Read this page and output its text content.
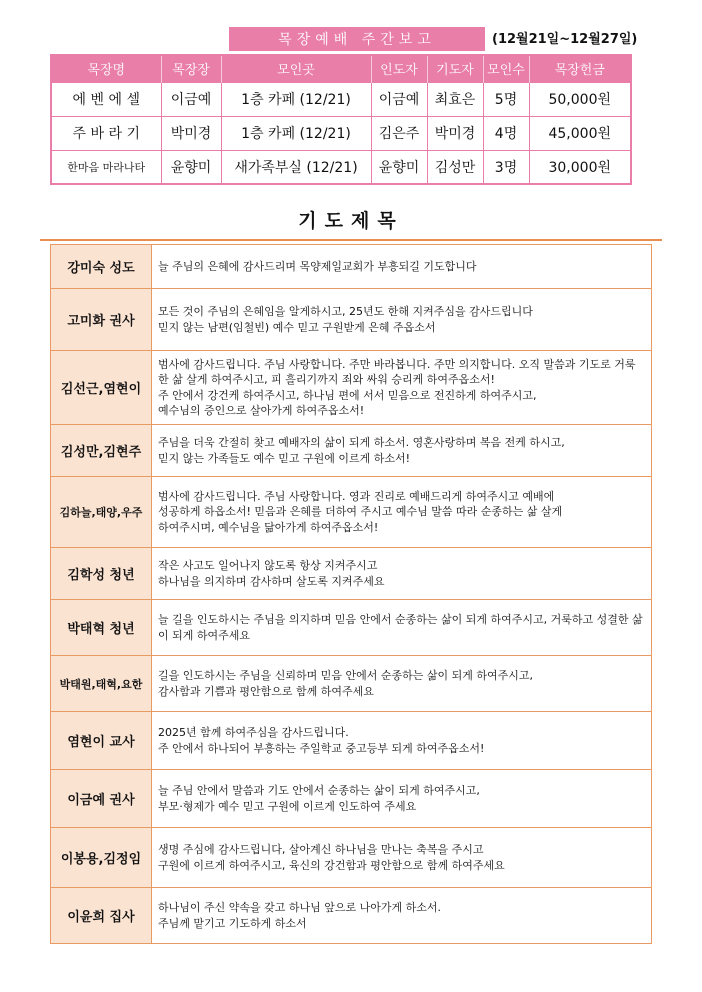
목장예배 주간보고	(12월21일~12월27일)
목장명	목장장	모인곳	인도자	기도자	모인수	목장헌금
에 벤 에 셀	이금예	1층 카페 (12/21)	이금예	최효은	5명	50,000원
주 바 라 기	박미경	1층 카페 (12/21)	김은주	박미경	4명	45,000원
한마음 마라나타	윤향미	새가족부실 (12/21)	윤향미	김성만	3명	30,000원
기도제목
강미숙 성도	늘 주님의 은혜에 감사드리며 목양제일교회가 부흥되길 기도합니다
고미화 권사	모든 것이 주님의 은혜임을 알게하시고, 25년도 한해 지켜주심을 감사드립니다
믿지 않는 남편(임철빈) 예수 믿고 구원받게 은혜 주옵소서
김선근,염현이	범사에 감사드립니다. 주님 사랑합니다. 주만 바라봅니다. 주만 의지합니다. 오직 말씀과 기도로 거룩한 삶 살게 하여주시고, 피 흘리기까지 죄와 싸워 승리케 하여주옵소서!
주 안에서 강건케 하여주시고, 하나님 편에 서서 믿음으로 전진하게 하여주시고,
예수님의 증인으로 살아가게 하여주옵소서!
김성만,김현주	주님을 더욱 간절히 찾고 예배자의 삶이 되게 하소서. 영혼사랑하며 복음 전케 하시고,
믿지 않는 가족들도 예수 믿고 구원에 이르게 하소서!
김하늘,태양,우주	범사에 감사드립니다. 주님 사랑합니다. 영과 진리로 예배드리게 하여주시고 예배에
성공하게 하옵소서! 믿음과 은혜를 더하여 주시고 예수님 말씀 따라 순종하는 삶 살게
하여주시며, 예수님을 닮아가게 하여주옵소서!
김학성 청년	작은 사고도 일어나지 않도록 항상 지켜주시고
하나님을 의지하며 감사하며 살도록 지켜주세요
박태혁 청년	늘 길을 인도하시는 주님을 의지하며 믿음 안에서 순종하는 삶이 되게 하여주시고, 거룩하고 성결한 삶이 되게 하여주세요
박태원,태혁,요한	길을 인도하시는 주님을 신뢰하며 믿음 안에서 순종하는 삶이 되게 하여주시고,
감사함과 기쁨과 평안함으로 함께 하여주세요
염현이 교사	2025년 함께 하여주심을 감사드립니다.
주 안에서 하나되어 부흥하는 주일학교 중고등부 되게 하여주옵소서!
이금예 권사	늘 주님 안에서 말씀과 기도 안에서 순종하는 삶이 되게 하여주시고,
부모·형제가 예수 믿고 구원에 이르게 인도하여 주세요
이봉용,김정임	생명 주심에 감사드립니다, 살아계신 하나님을 만나는 축복을 주시고
구원에 이르게 하여주시고, 육신의 강건함과 평안함으로 함께 하여주세요
이윤희 집사	하나님이 주신 약속을 갖고 하나님 앞으로 나아가게 하소서.
주님께 맡기고 기도하게 하소서
